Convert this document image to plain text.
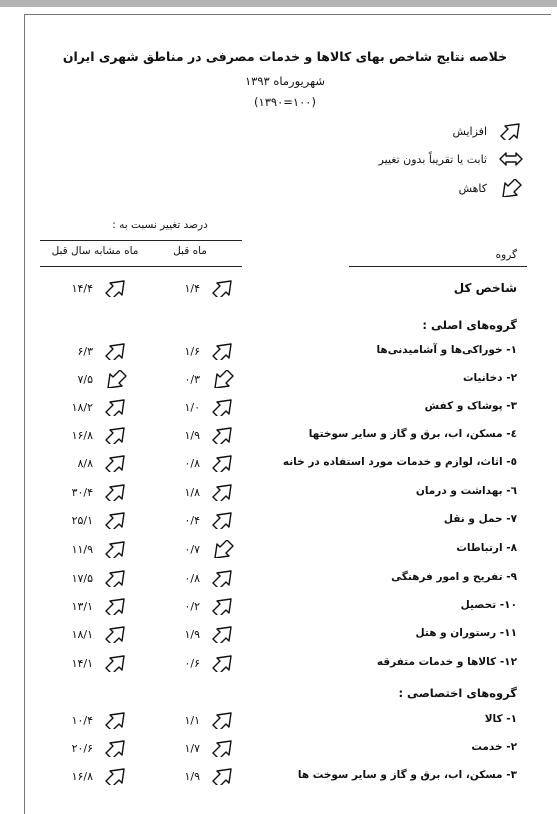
خلاصه نتایج شاخص بهای کالاها و خدمات مصرفی در مناطق شهری ایران
شهریورماه ۱۳۹۳
(۱۰۰=۱۳۹۰)
افزایش
ثابت یا تقریباً بدون تغییر
کاهش
درصد تغییر نسبت به :
ماه قبل
ماه مشابه سال قبل	گروه
شاخص کل
۱/۴
۱۴/۴
گروه‌های اصلی :
۱- خوراکی‌ها و آشامیدنی‌ها
۱/۶
۶/۳
۲- دخانیات
۰/۳
۷/۵
۳- پوشاک و کفش
۱/۰
۱۸/۲
٤- مسکن، اب، برق و گاز و سایر سوختها
۱/۹
۱۶/۸
٥- اثاث، لوازم و خدمات مورد استفاده در خانه
۰/۸
۸/۸
٦- بهداشت و درمان
۱/۸
۳۰/۴
۷- حمل و نقل
۰/۴
۲۵/۱
۸- ارتباطات
۰/۷
۱۱/۹
۹- تفریح و امور فرهنگی
۰/۸
۱۷/۵
۱۰- تحصیل
۰/۲
۱۳/۱
۱۱- رستوران و هتل
۱/۹
۱۸/۱
۱۲- کالاها و خدمات متفرقه
۰/۶
۱۴/۱
گروه‌های اختصاصی :
۱- کالا
۱/۱
۱۰/۴
۲- خدمت
۱/۷
۲۰/۶
۳- مسکن، اب، برق و گاز و سایر سوخت ها
۱/۹
۱۶/۸
